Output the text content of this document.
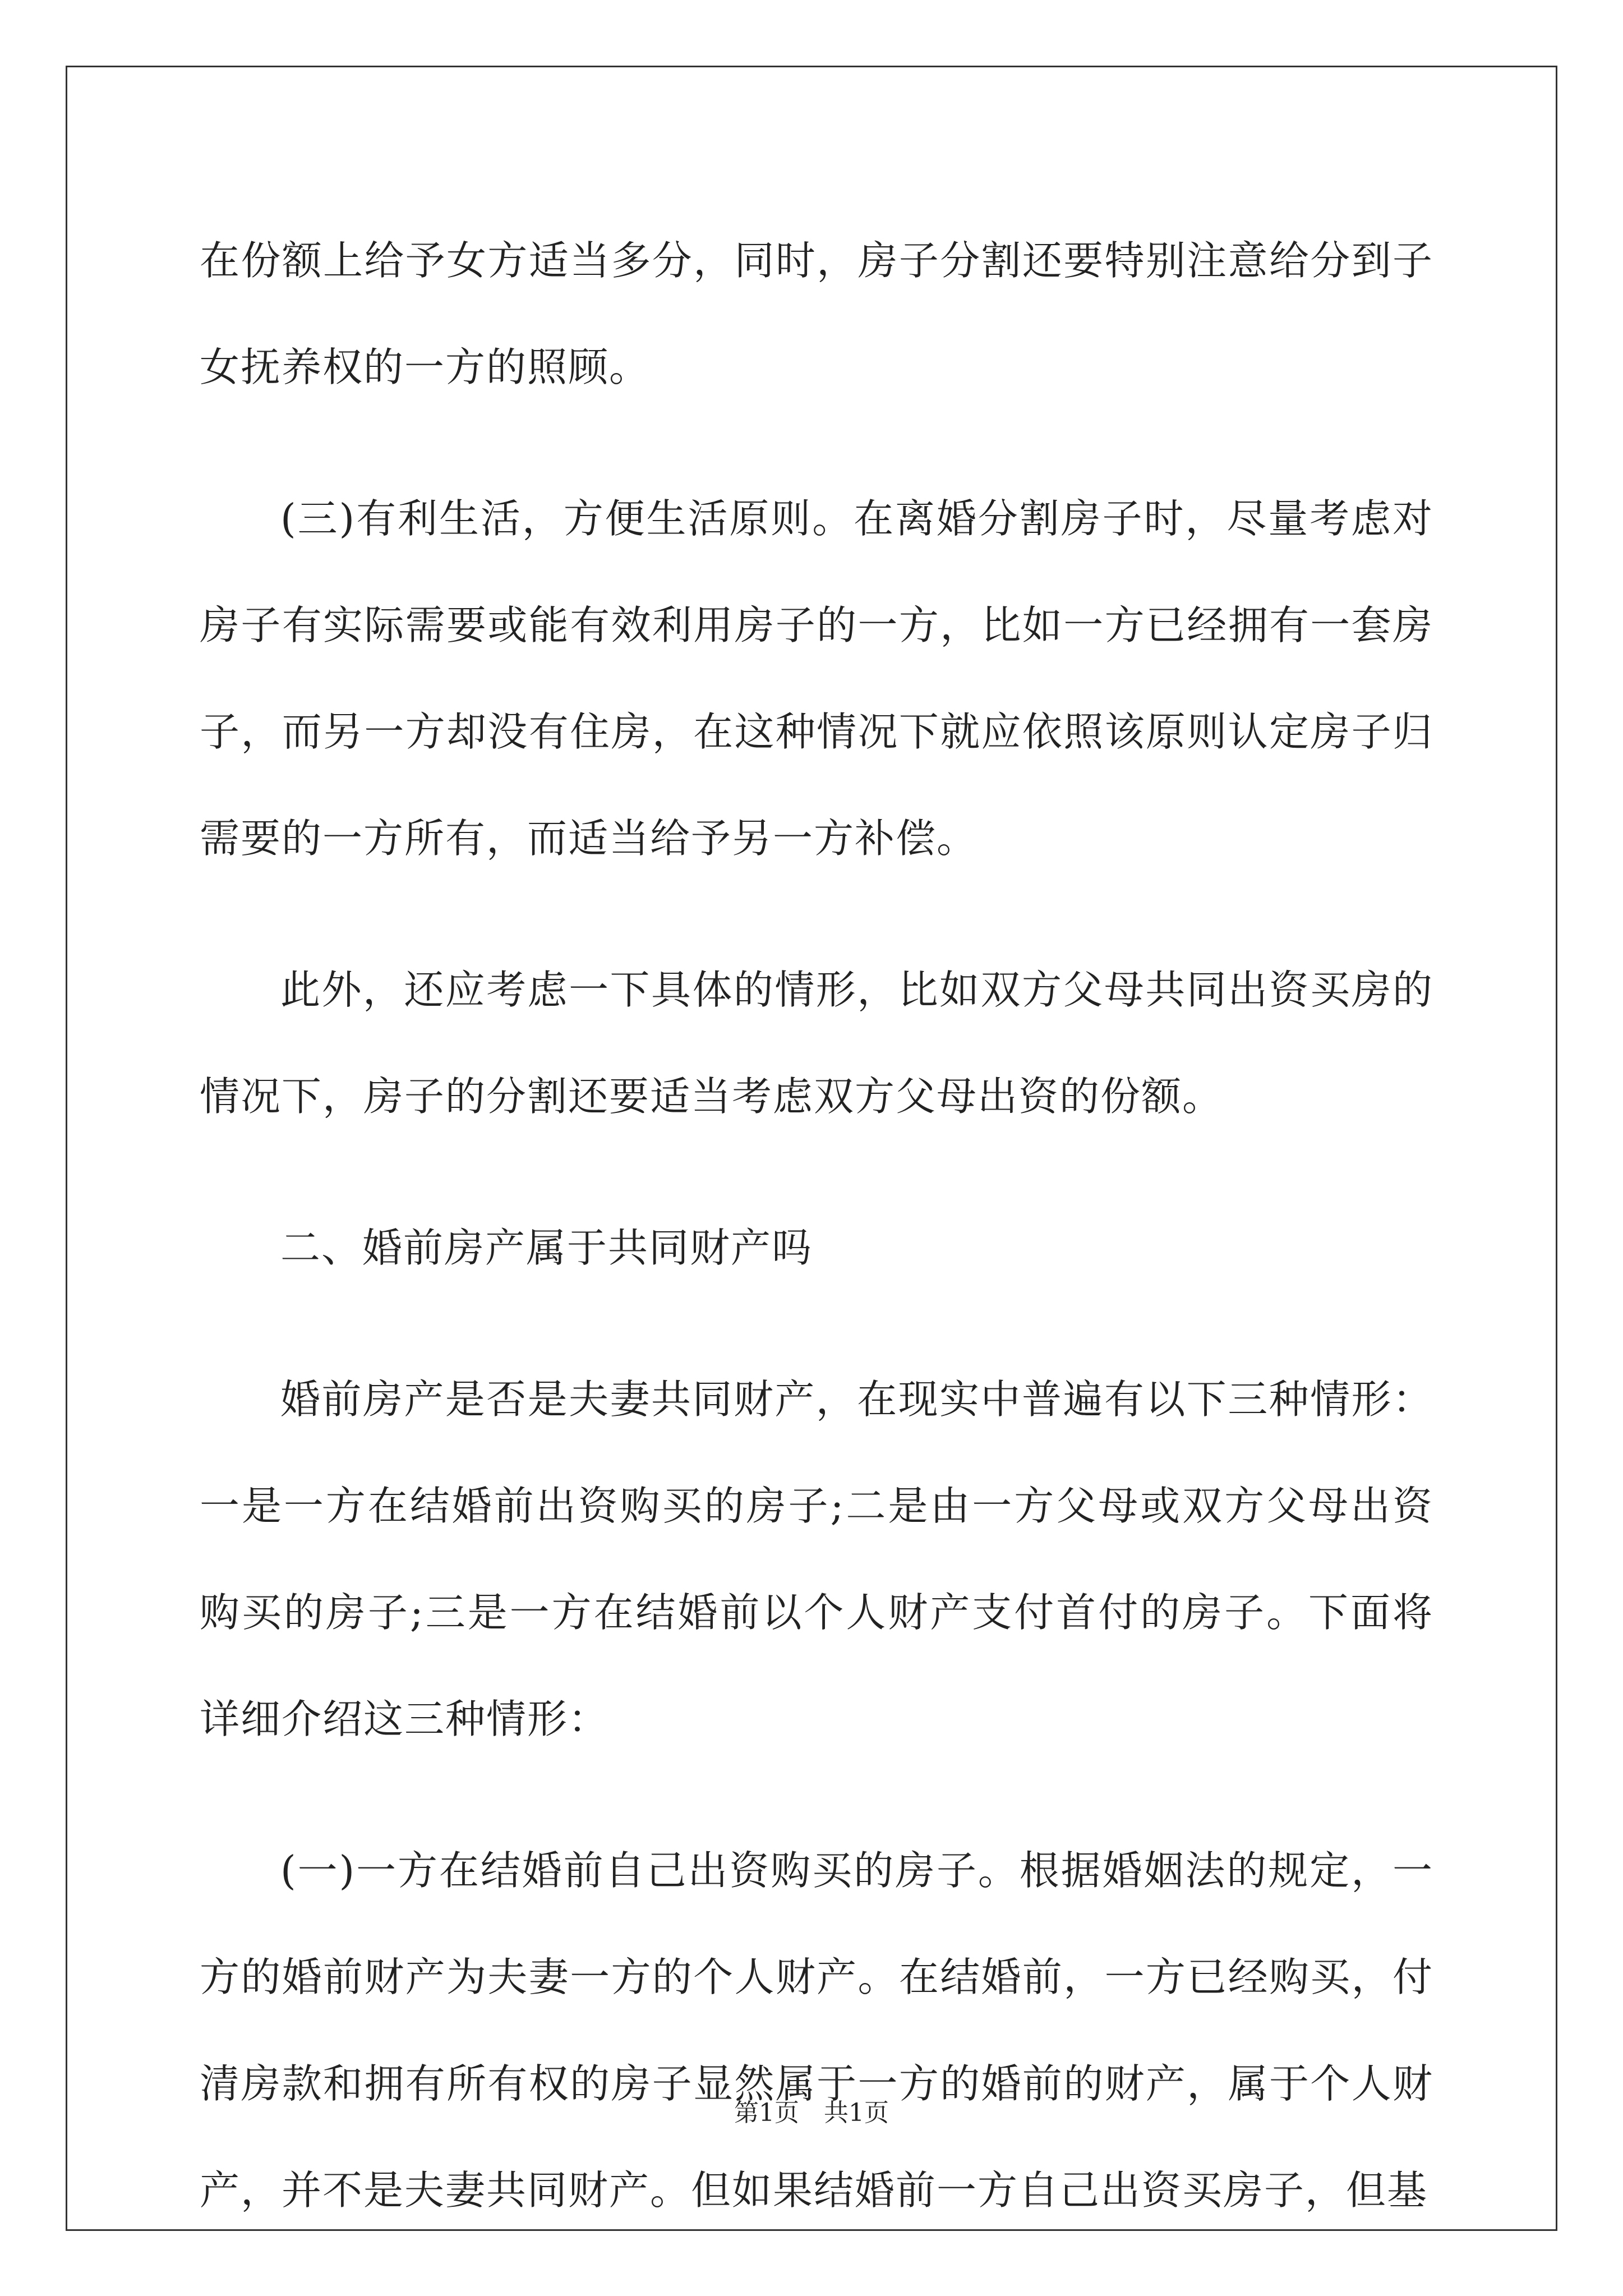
在份额上给予女方适当多分，同时，房子分割还要特别注意给分到子女抚养权的一方的照顾。

(三)有利生活，方便生活原则。在离婚分割房子时，尽量考虑对房子有实际需要或能有效利用房子的一方，比如一方已经拥有一套房子，而另一方却没有住房，在这种情况下就应依照该原则认定房子归需要的一方所有，而适当给予另一方补偿。

此外，还应考虑一下具体的情形，比如双方父母共同出资买房的情况下，房子的分割还要适当考虑双方父母出资的份额。

二、婚前房产属于共同财产吗

婚前房产是否是夫妻共同财产，在现实中普遍有以下三种情形：一是一方在结婚前出资购买的房子;二是由一方父母或双方父母出资购买的房子;三是一方在结婚前以个人财产支付首付的房子。下面将详细介绍这三种情形：

(一)一方在结婚前自己出资购买的房子。根据婚姻法的规定，一方的婚前财产为夫妻一方的个人财产。在结婚前，一方已经购买，付清房款和拥有所有权的房子显然属于一方的婚前的财产，属于个人财产，并不是夫妻共同财产。但如果结婚前一方自己出资买房子，但基

第1页　共1页
